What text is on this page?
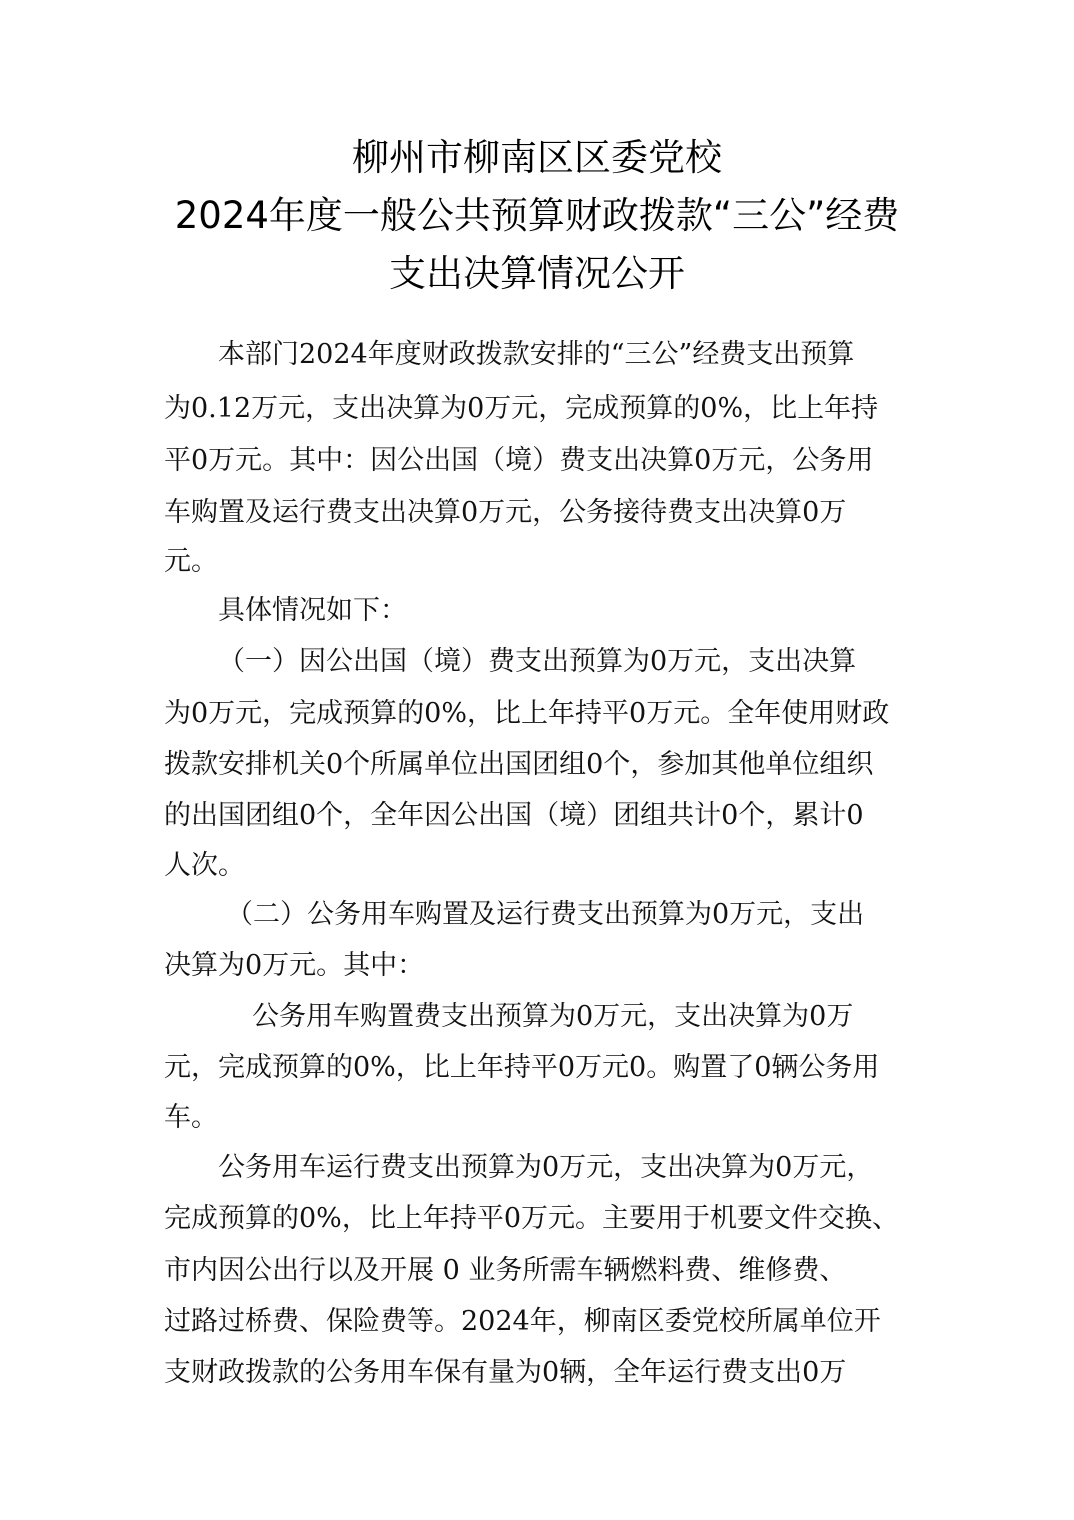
柳州市柳南区区委党校
2024年度一般公共预算财政拨款“三公”经费
支出决算情况公开
本部门2024年度财政拨款安排的“三公”经费支出预算
为0.12万元，支出决算为0万元，完成预算的0%，比上年持
平0万元。其中：因公出国（境）费支出决算0万元，公务用
车购置及运行费支出决算0万元，公务接待费支出决算0万
元。
具体情况如下：
（一）因公出国（境）费支出预算为0万元，支出决算
为0万元，完成预算的0%，比上年持平0万元。全年使用财政
拨款安排机关0个所属单位出国团组0个，参加其他单位组织
的出国团组0个，全年因公出国（境）团组共计0个，累计0
人次。
（二）公务用车购置及运行费支出预算为0万元，支出
决算为0万元。其中：
公务用车购置费支出预算为0万元，支出决算为0万
元，完成预算的0%，比上年持平0万元0。购置了0辆公务用
车。
公务用车运行费支出预算为0万元，支出决算为0万元，
完成预算的0%，比上年持平0万元。主要用于机要文件交换、
市内因公出行以及开展 0 业务所需车辆燃料费、维修费、
过路过桥费、保险费等。2024年，柳南区委党校所属单位开
支财政拨款的公务用车保有量为0辆，全年运行费支出0万
